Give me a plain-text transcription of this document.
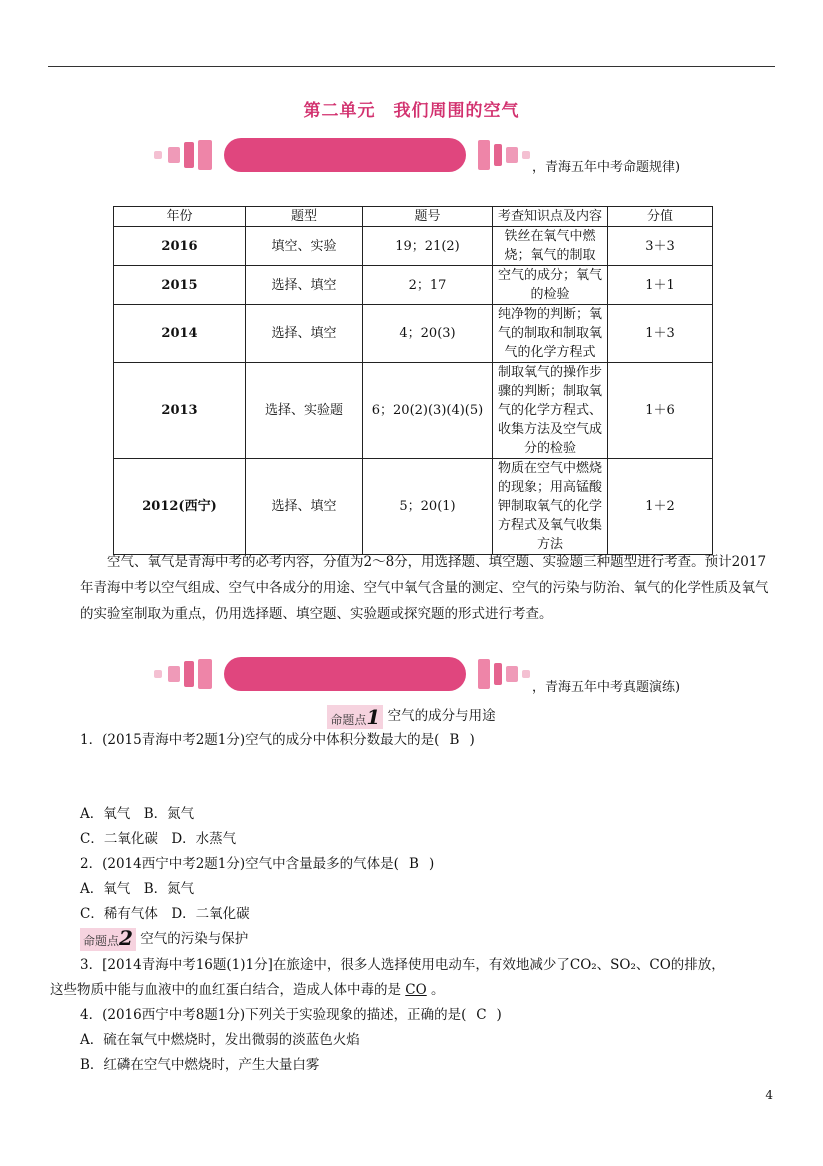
第二单元　我们周围的空气
，青海五年中考命题规律)
年份	题型	题号	考查知识点及内容	分值
2016	填空、实验	19；21(2)	铁丝在氧气中燃烧；氧气的制取	3＋3
2015	选择、填空	2；17	空气的成分；氧气的检验	1＋1
2014	选择、填空	4；20(3)	纯净物的判断；氧气的制取和制取氧气的化学方程式	1＋3
2013	选择、实验题	6；20(2)(3)(4)(5)	制取氧气的操作步骤的判断；制取氧气的化学方程式、收集方法及空气成分的检验	1＋6
2012(西宁)	选择、填空	5；20(1)	物质在空气中燃烧的现象；用高锰酸钾制取氧气的化学方程式及氧气收集方法	1＋2

空气、氧气是青海中考的必考内容，分值为2～8分，用选择题、填空题、实验题三种题型进行考查。预计2017年青海中考以空气组成、空气中各成分的用途、空气中氧气含量的测定、空气的污染与防治、氧气的化学性质及氧气的实验室制取为重点，仍用选择题、填空题、实验题或探究题的形式进行考查。

，青海五年中考真题演练)
命题点1 空气的成分与用途
1．(2015青海中考2题1分)空气的成分中体积分数最大的是( B )
A．氧气　B．氮气
C．二氧化碳　D．水蒸气
2．(2014西宁中考2题1分)空气中含量最多的气体是( B )
A．氧气　B．氮气
C．稀有气体　D．二氧化碳
命题点2 空气的污染与保护
3．[2014青海中考16题(1)1分]在旅途中，很多人选择使用电动车，有效地减少了CO₂、SO₂、CO的排放，
这些物质中能与血液中的血红蛋白结合，造成人体中毒的是 CO 。
4．(2016西宁中考8题1分)下列关于实验现象的描述，正确的是( C )
A．硫在氧气中燃烧时，发出微弱的淡蓝色火焰
B．红磷在空气中燃烧时，产生大量白雾
4
